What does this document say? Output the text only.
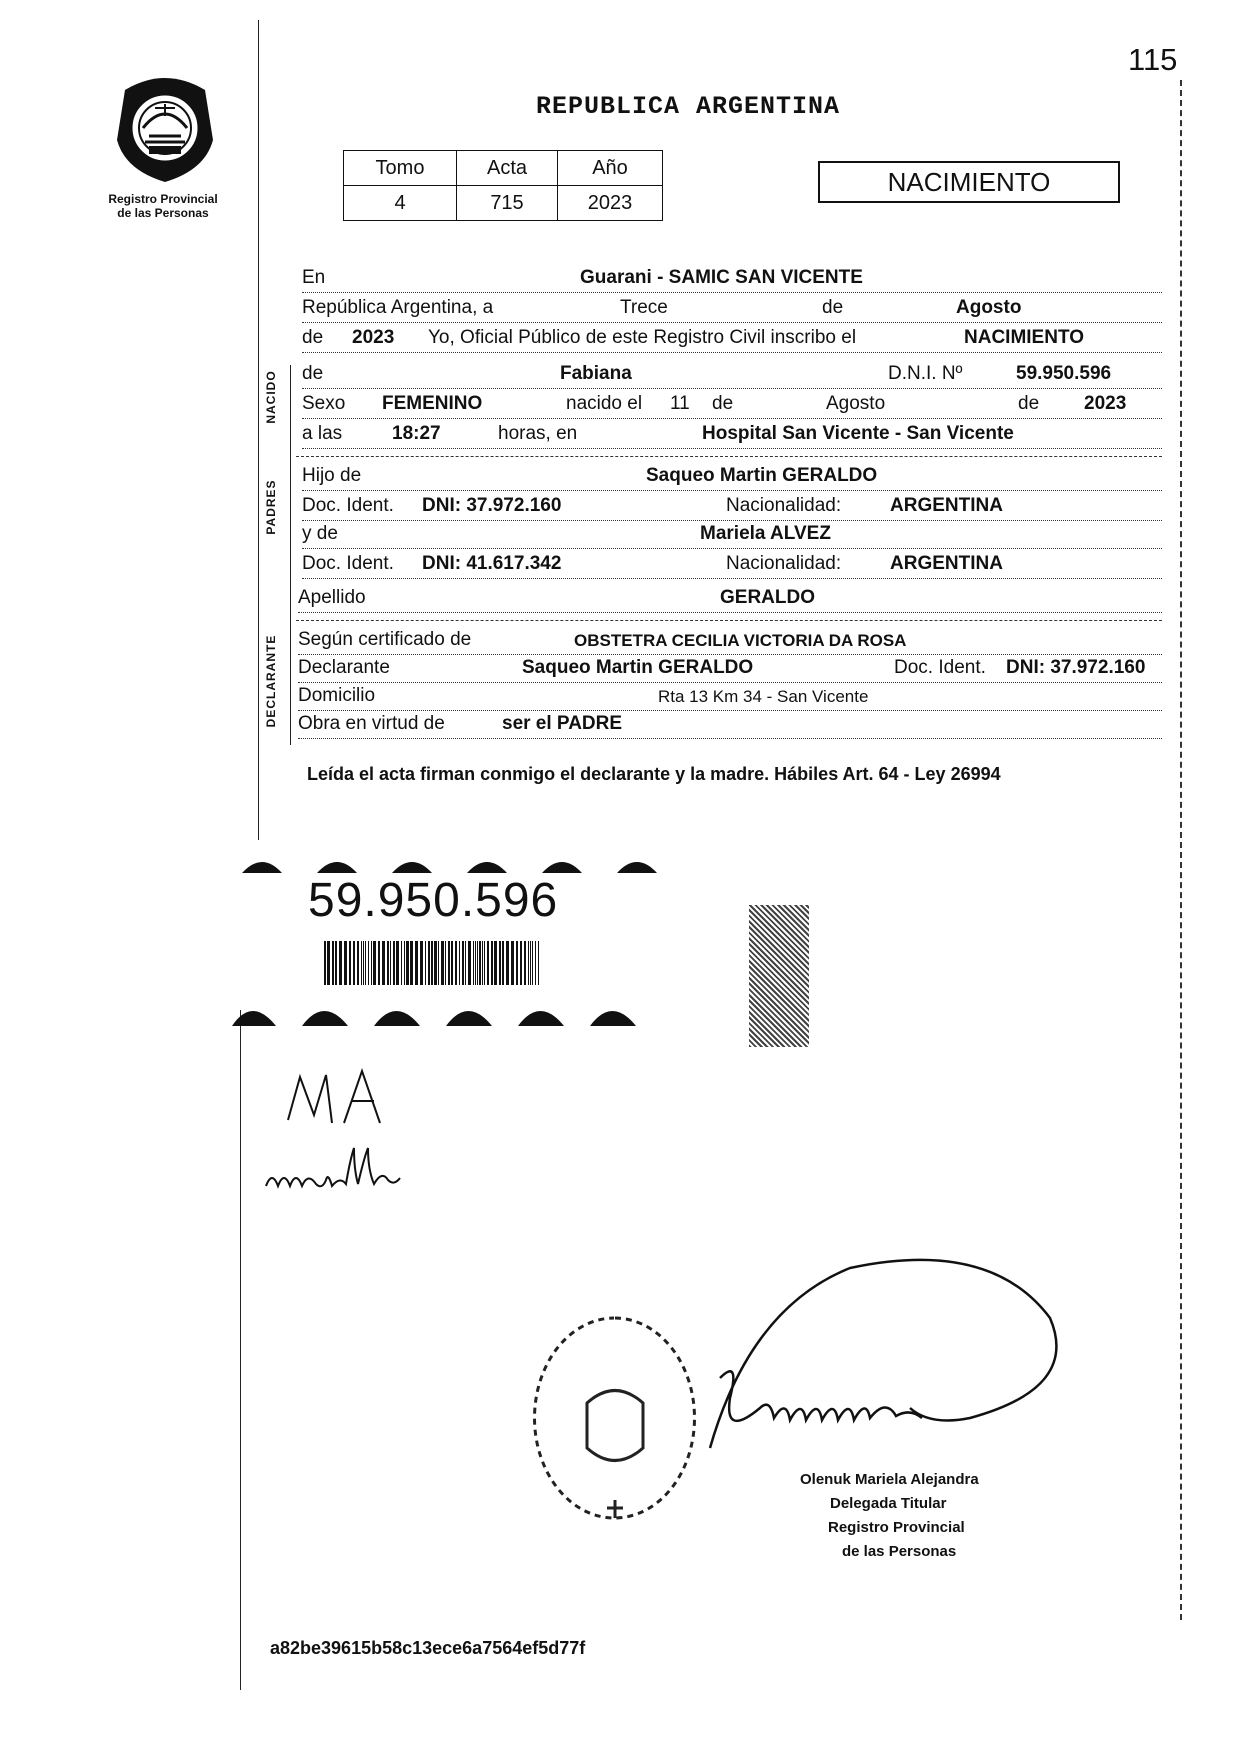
115
Registro Provincial
de las Personas
REPUBLICA ARGENTINA
Tomo	Acta	Año
4	715	2023
NACIMIENTO
NACIDO
PADRES
DECLARANTE
En	Guarani - SAMIC SAN VICENTE
República Argentina, a	Trece	de	Agosto
de 2023 Yo, Oficial Público de este Registro Civil inscribo el	NACIMIENTO
de	Fabiana	D.N.I. Nº	59.950.596
Sexo FEMENINO	nacido el 11 de	Agosto	de 2023
a las	18:27	horas, en	Hospital San Vicente - San Vicente
Hijo de	Saqueo Martin GERALDO
Doc. Ident. DNI: 37.972.160	Nacionalidad:	ARGENTINA
y de	Mariela ALVEZ
Doc. Ident. DNI: 41.617.342	Nacionalidad:	ARGENTINA
Apellido	GERALDO
Según certificado de	OBSTETRA CECILIA VICTORIA DA ROSA
Declarante	Saqueo Martin GERALDO	Doc. Ident. DNI: 37.972.160
Domicilio	Rta 13 Km 34 - San Vicente
Obra en virtud de	ser el PADRE
Leída el acta firman conmigo el declarante y la madre. Hábiles Art. 64 - Ley 26994
59.950.596
Olenuk Mariela Alejandra
Delegada Titular
Registro Provincial
de las Personas
a82be39615b58c13ece6a7564ef5d77f
